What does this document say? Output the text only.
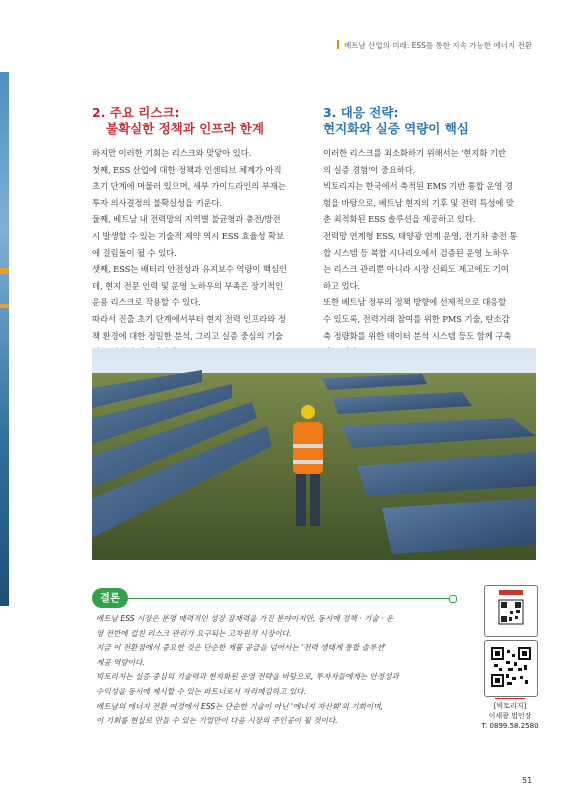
베트남 산업의 미래: ESS를 통한 지속 가능한 에너지 전환
2. 주요 리스크:
불확실한 정책과 인프라 한계
하지만 이러한 기회는 리스크와 맞닿아 있다.
첫째, ESS 산업에 대한 정책과 인센티브 체계가 아직
초기 단계에 머물러 있으며, 세부 가이드라인의 부재는
투자 의사결정의 불확실성을 키운다.
둘째, 베트남 내 전력망의 지역별 불균형과 충전/방전
시 발생할 수 있는 기술적 제약 역시 ESS 효율성 확보
에 걸림돌이 될 수 있다.
셋째, ESS는 배터리 안전성과 유지보수 역량이 핵심인
데, 현지 전문 인력 및 운영 노하우의 부족은 장기적인
운용 리스크로 작용할 수 있다.
따라서 진출 초기 단계에서부터 현지 전력 인프라와 정
책 환경에 대한 정밀한 분석, 그리고 실증 중심의 기술
3. 대응 전략:
현지화와 실증 역량이 핵심
이러한 리스크를 최소화하기 위해서는 '현지화 기반
의 실증 경험'이 중요하다.
빅토리지는 한국에서 축적된 EMS 기반 통합 운영 경
험을 바탕으로, 베트남 현지의 기후 및 전력 특성에 맞
춘 최적화된 ESS 솔루션을 제공하고 있다.
전력망 연계형 ESS, 태양광 연계 운영, 전기차 충전 통
합 시스템 등 복합 시나리오에서 검증된 운영 노하우
는 리스크 관리뿐 아니라 시장 신뢰도 제고에도 기여
하고 있다.
또한 베트남 정부의 정책 방향에 선제적으로 대응할
수 있도록, 전력거래 참여를 위한 PMS 기술, 탄소감
축 정량화를 위한 데이터 분석 시스템 등도 함께 구축
결론
베트남 ESS 시장은 분명 매력적인 성장 잠재력을 가진 분야이지만, 동시에 정책 · 기술 · 운
영 전반에 걸친 리스크 관리가 요구되는 고차원적 시장이다.
지금 이 전환점에서 중요한 것은 단순한 제품 공급을 넘어서는 '전력 생태계 통합 솔루션'
제공 역량이다.
빅토리지는 실증 중심의 기술력과 현지화된 운영 전략을 바탕으로, 투자자들에게는 안정성과
수익성을 동시에 제시할 수 있는 파트너로서 자리매김하고 있다.
베트남의 에너지 전환 여정에서 ESS는 단순한 기술이 아닌 '에너지 자산화'의 기회이며,
이 기회를 현실로 만들 수 있는 기업만이 다음 시장의 주인공이 될 것이다.
[빅토리지]
이세광 법인장
T: 0899.58.2580
51
